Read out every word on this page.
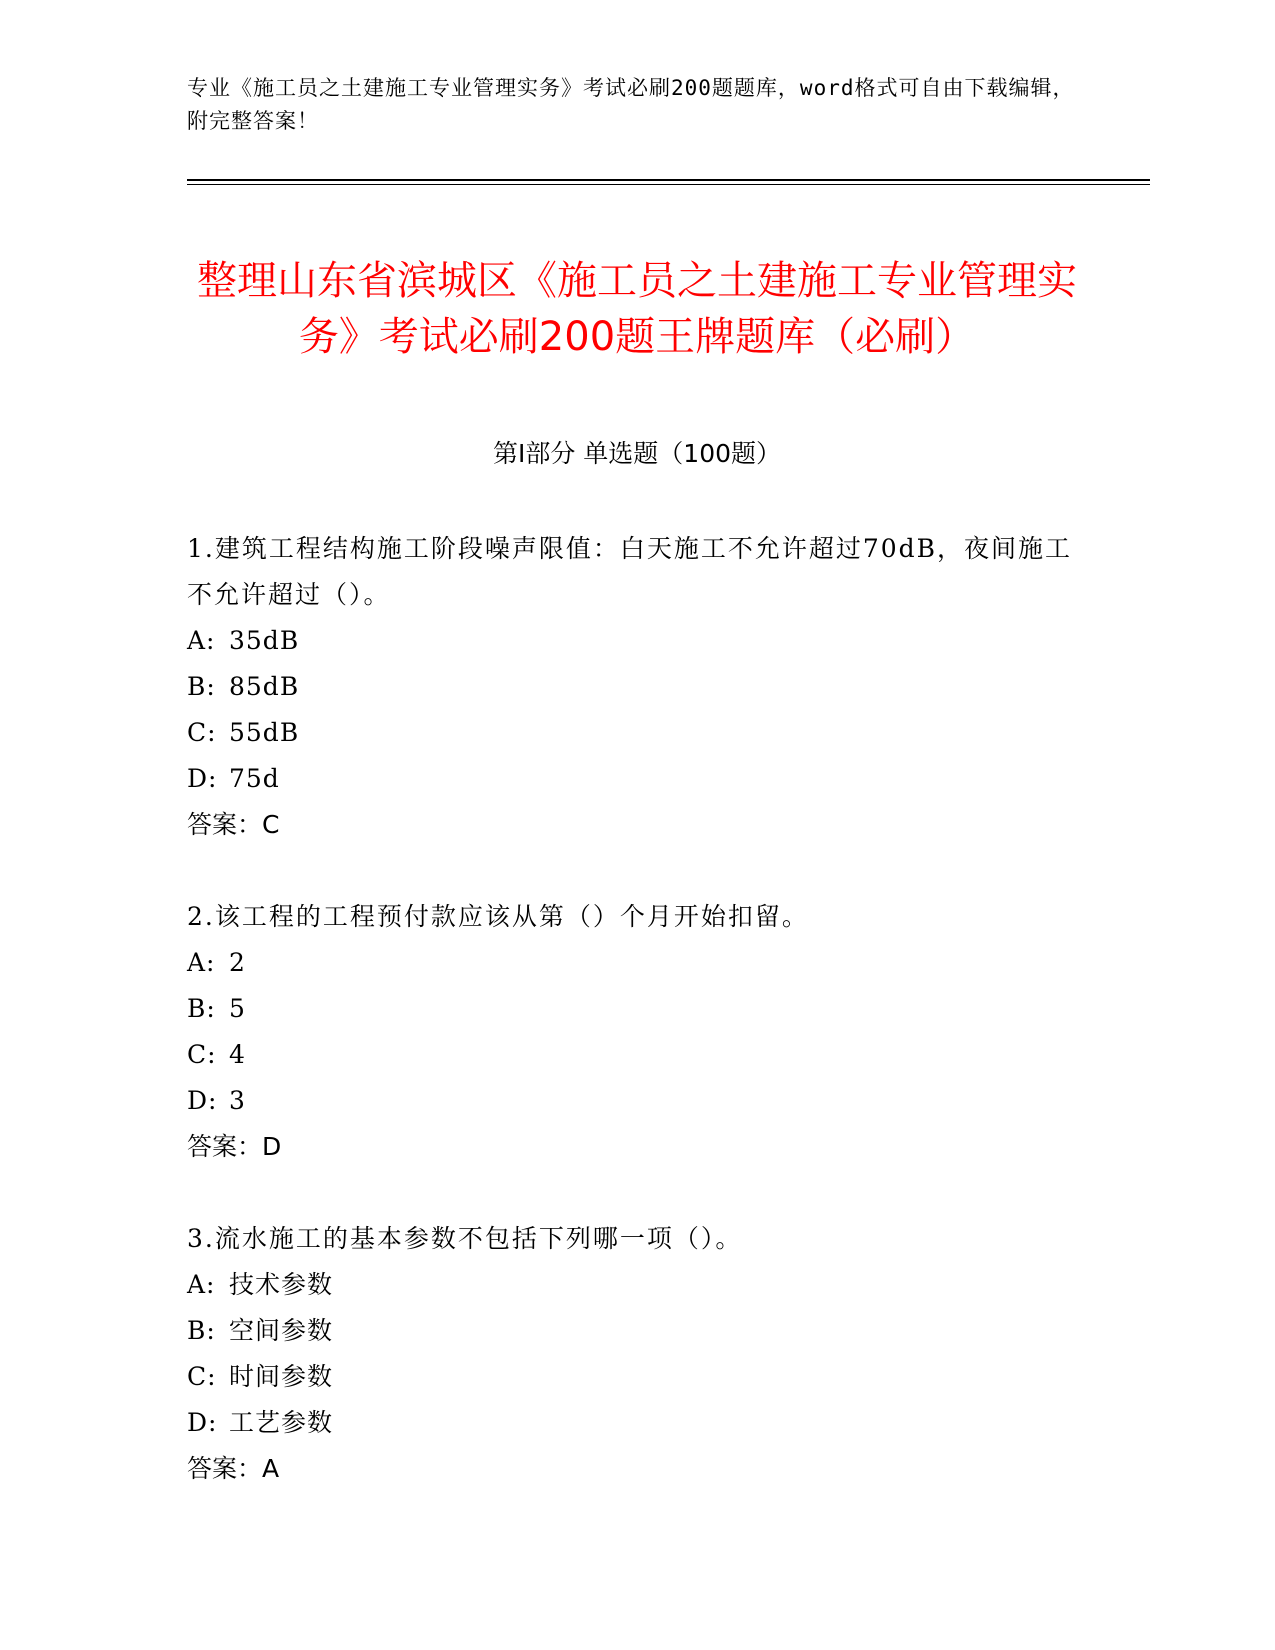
专业《施工员之土建施工专业管理实务》考试必刷200题题库，word格式可自由下载编辑，附完整答案！
整理山东省滨城区《施工员之土建施工专业管理实务》考试必刷200题王牌题库（必刷）
第I部分 单选题（100题）

1.建筑工程结构施工阶段噪声限值：白天施工不允许超过70dB，夜间施工不允许超过（）。

A: 35dB

B: 85dB

C: 55dB

D: 75d

答案：C

2.该工程的工程预付款应该从第（）个月开始扣留。

A: 2

B: 5

C: 4

D: 3

答案：D

3.流水施工的基本参数不包括下列哪一项（）。

A: 技术参数

B: 空间参数

C: 时间参数

D: 工艺参数

答案：A
